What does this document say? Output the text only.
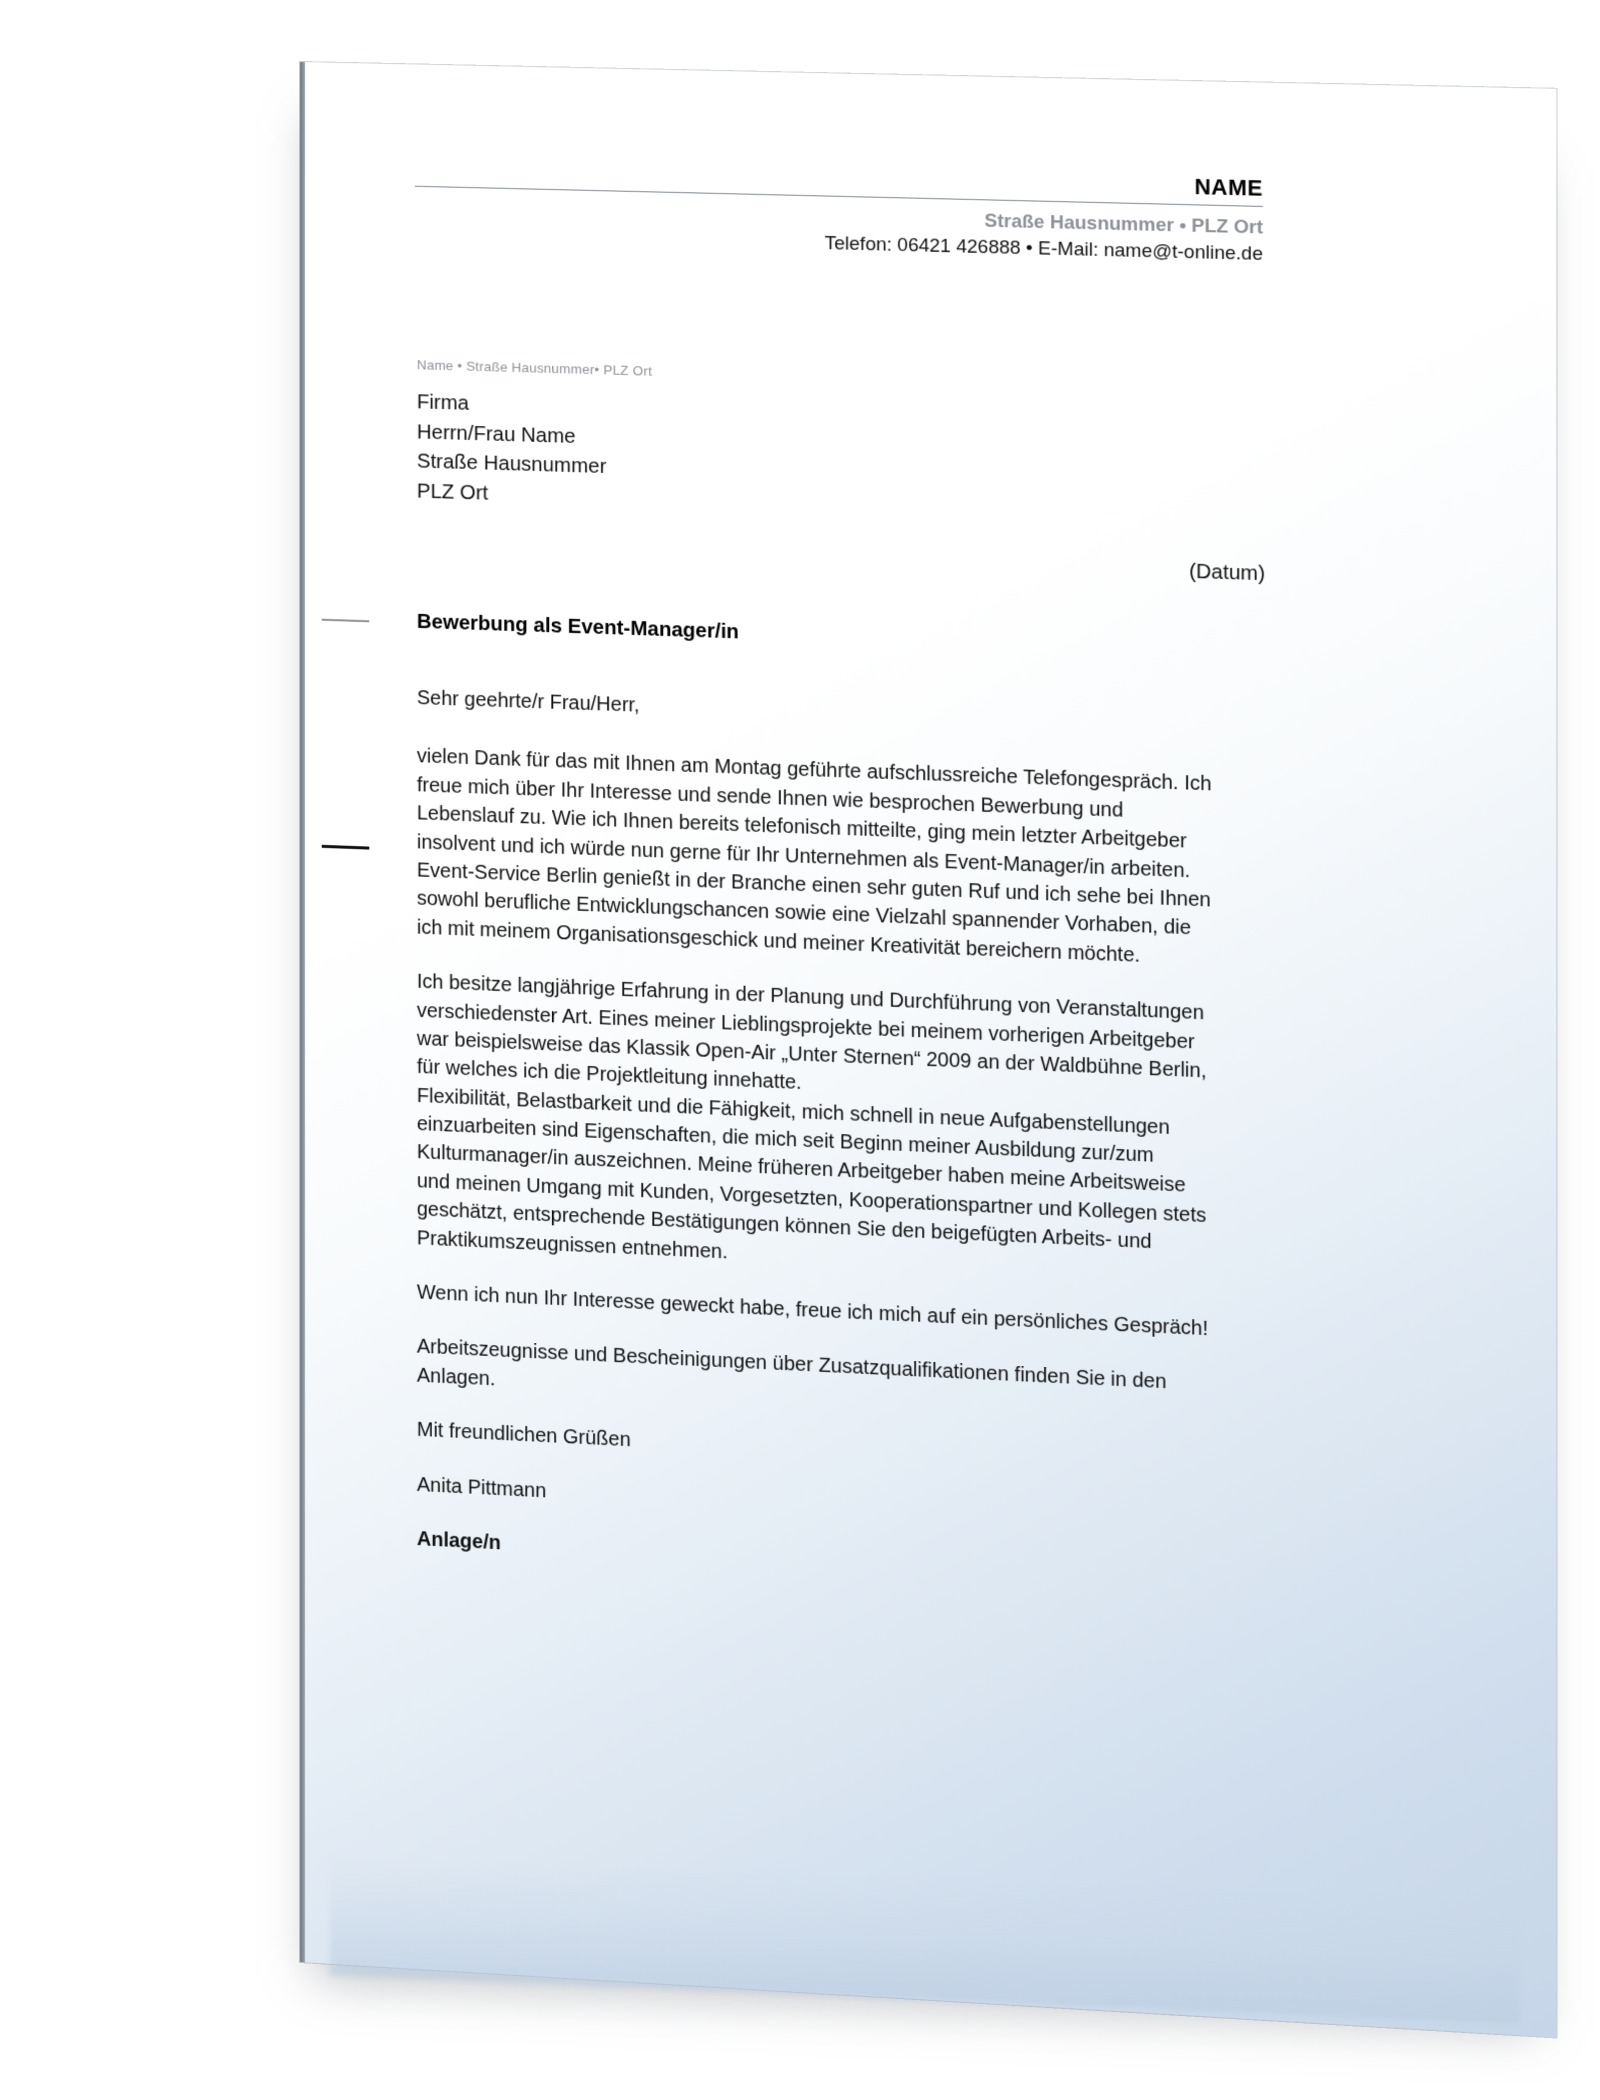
NAME
Straße Hausnummer • PLZ Ort
Telefon: 06421 426888 • E-Mail: name@t-online.de
Name • Straße Hausnummer• PLZ Ort
Firma
Herrn/Frau Name
Straße Hausnummer
PLZ Ort
(Datum)
Bewerbung als Event-Manager/in

Sehr geehrte/r Frau/Herr,

vielen Dank für das mit Ihnen am Montag geführte aufschlussreiche Telefongespräch. Ich freue mich über Ihr Interesse und sende Ihnen wie besprochen Bewerbung und Lebenslauf zu. Wie ich Ihnen bereits telefonisch mitteilte, ging mein letzter Arbeitgeber insolvent und ich würde nun gerne für Ihr Unternehmen als Event-Manager/in arbeiten. Event-Service Berlin genießt in der Branche einen sehr guten Ruf und ich sehe bei Ihnen sowohl berufliche Entwicklungschancen sowie eine Vielzahl spannender Vorhaben, die ich mit meinem Organisationsgeschick und meiner Kreativität bereichern möchte.

Ich besitze langjährige Erfahrung in der Planung und Durchführung von Veranstaltungen verschiedenster Art. Eines meiner Lieblingsprojekte bei meinem vorherigen Arbeitgeber war beispielsweise das Klassik Open-Air „Unter Sternen“ 2009 an der Waldbühne Berlin, für welches ich die Projektleitung innehatte.

Flexibilität, Belastbarkeit und die Fähigkeit, mich schnell in neue Aufgabenstellungen einzuarbeiten sind Eigenschaften, die mich seit Beginn meiner Ausbildung zur/zum Kulturmanager/in auszeichnen. Meine früheren Arbeitgeber haben meine Arbeitsweise und meinen Umgang mit Kunden, Vorgesetzten, Kooperationspartner und Kollegen stets geschätzt, entsprechende Bestätigungen können Sie den beigefügten Arbeits- und Praktikumszeugnissen entnehmen.

Wenn ich nun Ihr Interesse geweckt habe, freue ich mich auf ein persönliches Gespräch!

Arbeitszeugnisse und Bescheinigungen über Zusatzqualifikationen finden Sie in den Anlagen.

Mit freundlichen Grüßen

Anita Pittmann

Anlage/n
